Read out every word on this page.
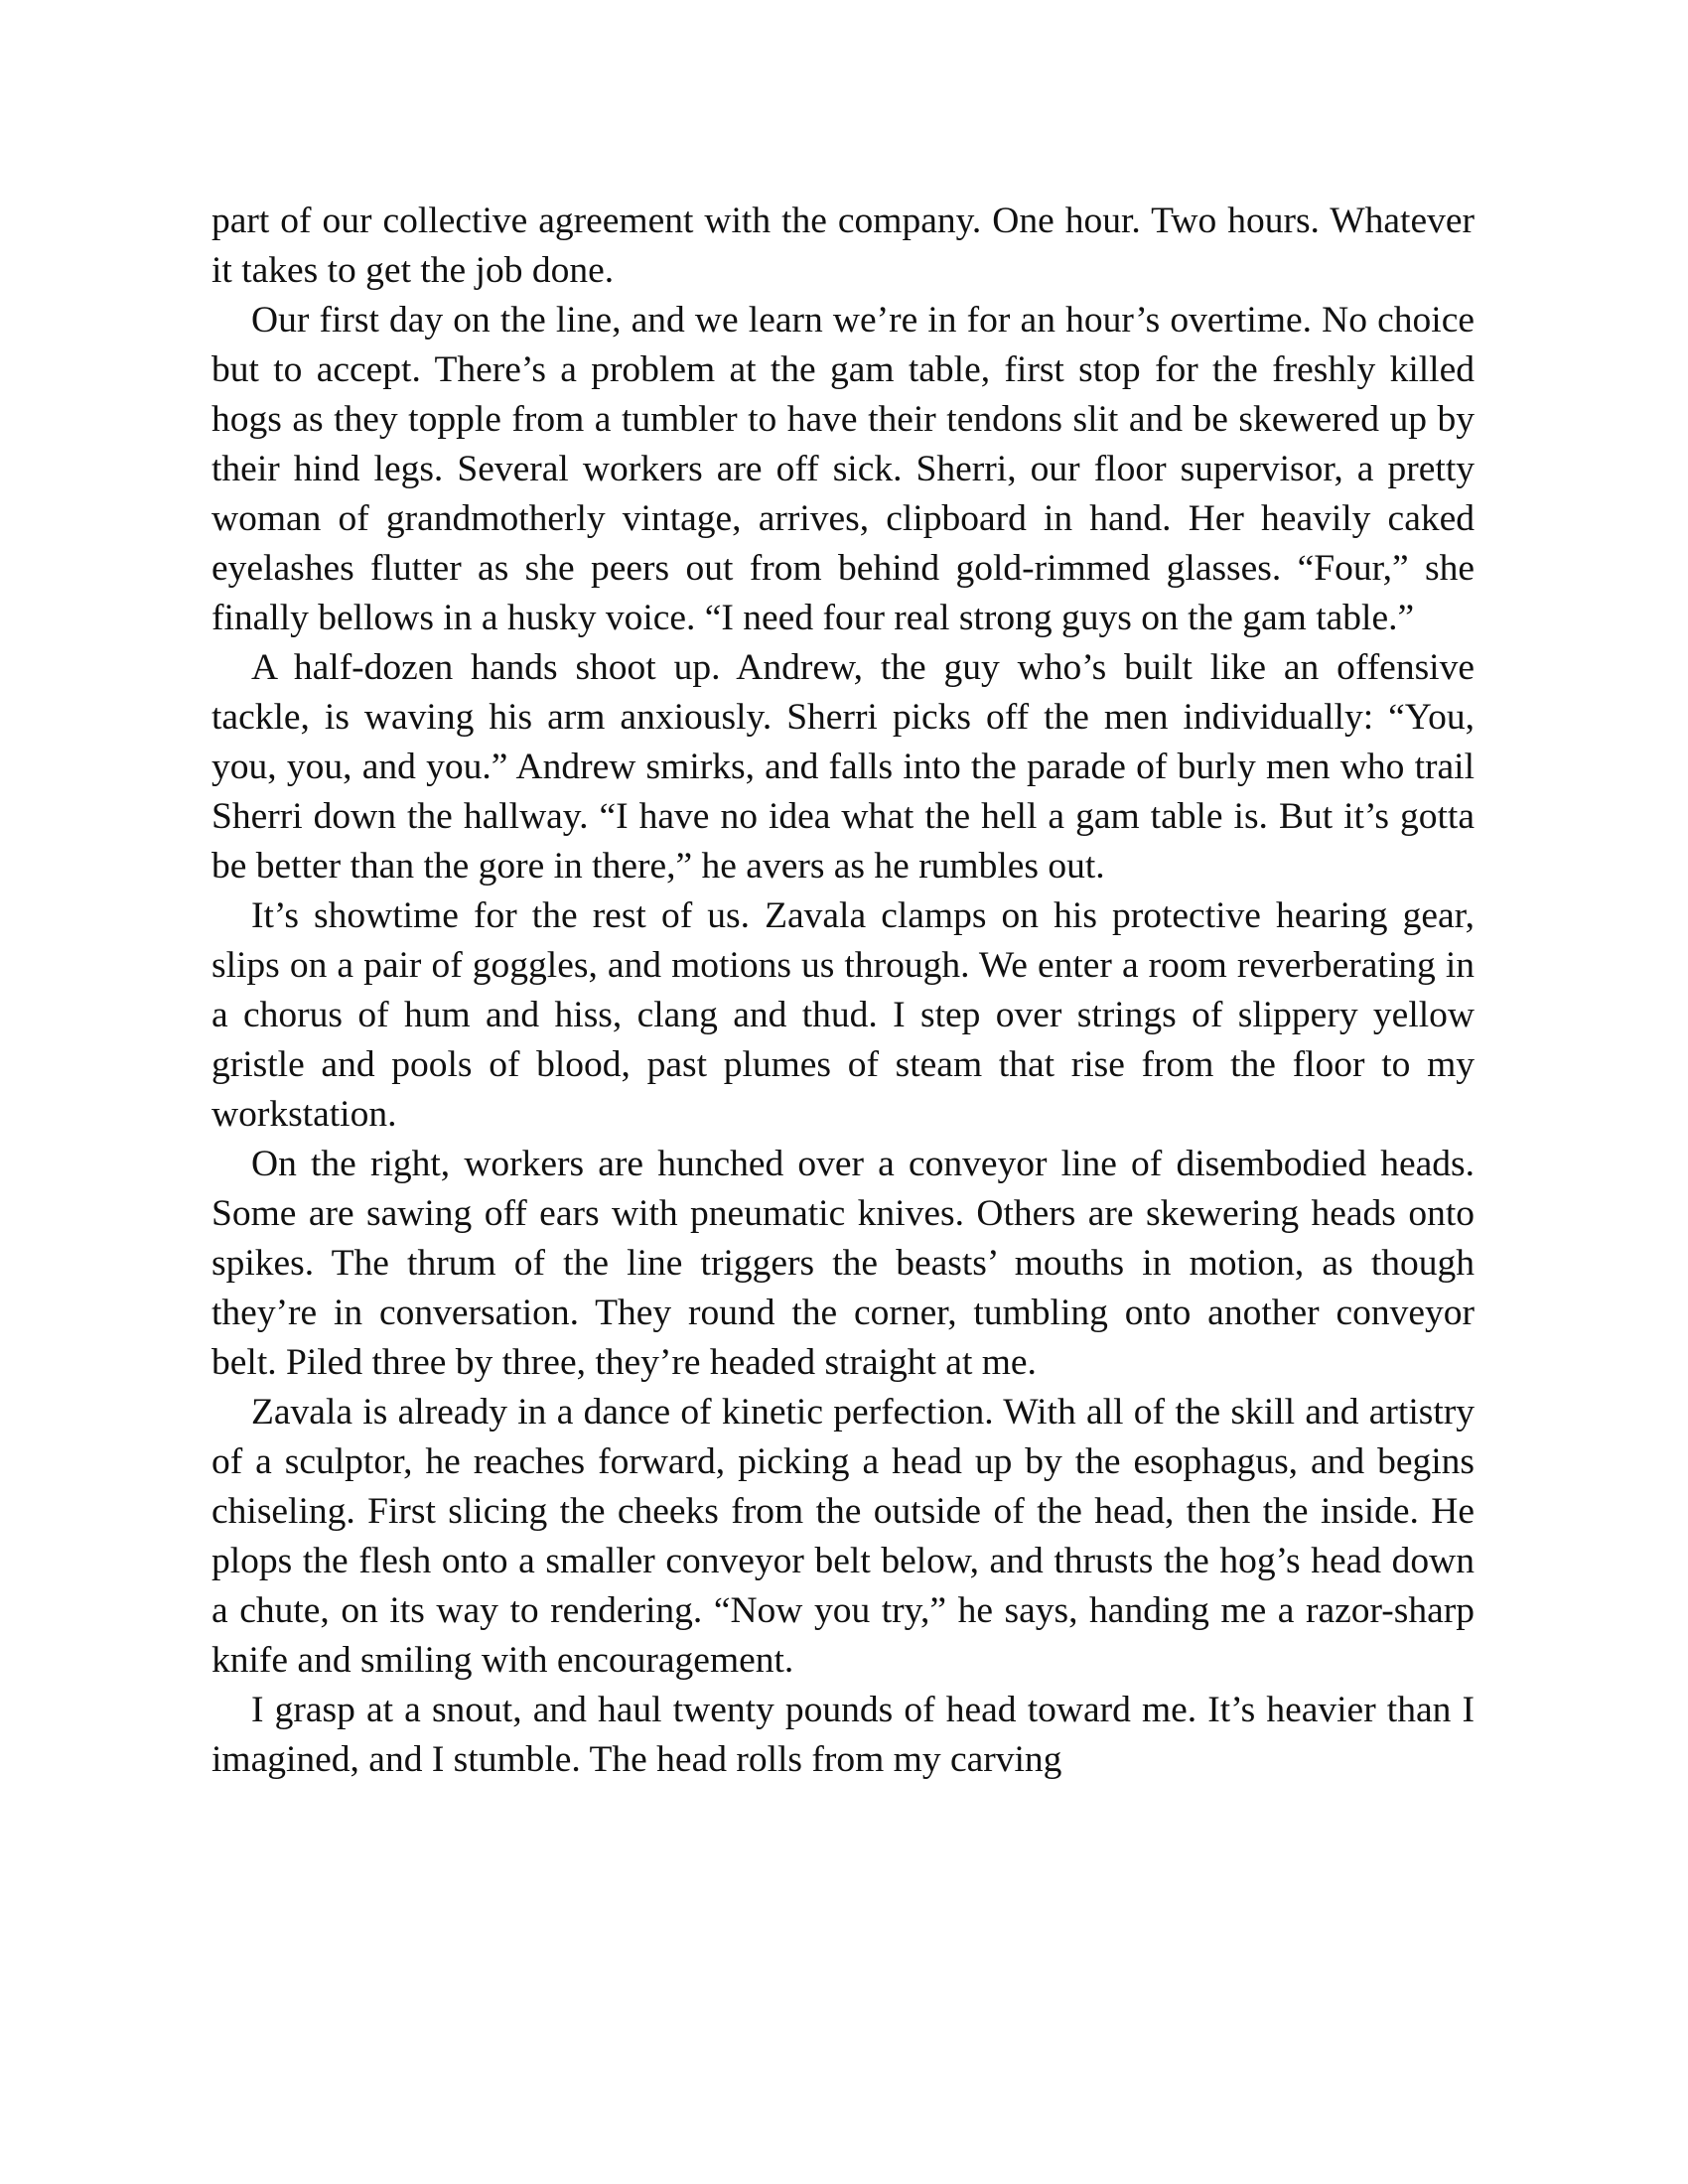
part of our collective agreement with the company. One hour. Two hours. Whatever it takes to get the job done.

Our first day on the line, and we learn we’re in for an hour’s overtime. No choice but to accept. There’s a problem at the gam table, first stop for the freshly killed hogs as they topple from a tumbler to have their tendons slit and be skewered up by their hind legs. Several workers are off sick. Sherri, our floor supervisor, a pretty woman of grandmotherly vintage, arrives, clipboard in hand. Her heavily caked eyelashes flutter as she peers out from behind gold-rimmed glasses. “Four,” she finally bellows in a husky voice. “I need four real strong guys on the gam table.”

A half-dozen hands shoot up. Andrew, the guy who’s built like an offensive tackle, is waving his arm anxiously. Sherri picks off the men individually: “You, you, you, and you.” Andrew smirks, and falls into the parade of burly men who trail Sherri down the hallway. “I have no idea what the hell a gam table is. But it’s gotta be better than the gore in there,” he avers as he rumbles out.

It’s showtime for the rest of us. Zavala clamps on his protective hearing gear, slips on a pair of goggles, and motions us through. We enter a room reverberating in a chorus of hum and hiss, clang and thud. I step over strings of slippery yellow gristle and pools of blood, past plumes of steam that rise from the floor to my workstation.

On the right, workers are hunched over a conveyor line of disembodied heads. Some are sawing off ears with pneumatic knives. Others are skewering heads onto spikes. The thrum of the line triggers the beasts’ mouths in motion, as though they’re in conversation. They round the corner, tumbling onto another conveyor belt. Piled three by three, they’re headed straight at me.

Zavala is already in a dance of kinetic perfection. With all of the skill and artistry of a sculptor, he reaches forward, picking a head up by the esophagus, and begins chiseling. First slicing the cheeks from the outside of the head, then the inside. He plops the flesh onto a smaller conveyor belt below, and thrusts the hog’s head down a chute, on its way to rendering. “Now you try,” he says, handing me a razor-sharp knife and smiling with encouragement.

I grasp at a snout, and haul twenty pounds of head toward me. It’s heavier than I imagined, and I stumble. The head rolls from my carving
